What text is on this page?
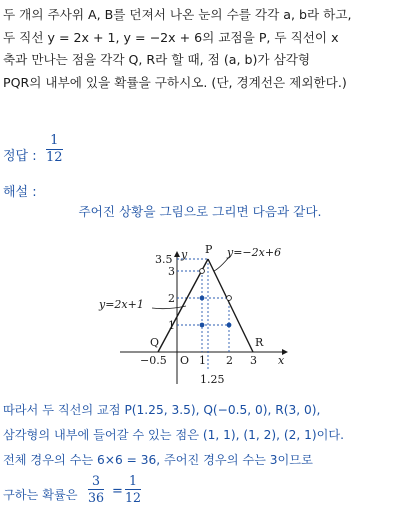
두 개의 주사위 A, B를 던져서 나온 눈의 수를 각각 a, b라 하고,
두 직선 y = 2x + 1, y = −2x + 6의 교점을 P, 두 직선이 x
축과 만나는 점을 각각 Q, R라 할 때, 점 (a, b)가 삼각형
PQR의 내부에 있을 확률을 구하시오. (단, 경계선은 제외한다.)
정답 : $\frac{1}{12}$
해설 :
주어진 상황을 그림으로 그리면 다음과 같다.
y
x
O
P
Q	R
y=2x+1
y=−2x+6
3.5
3
2
1
−0.5	1 2 3
1.25
따라서 두 직선의 교점 P(1.25, 3.5), Q(−0.5, 0), R(3, 0),
삼각형의 내부에 들어갈 수 있는 점은 (1, 1), (1, 2), (2, 1)이다.
전체 경우의 수는 6×6 = 36, 주어진 경우의 수는 3이므로
구하는 확률은 $\frac{3}{36} = \frac{1}{12}$
